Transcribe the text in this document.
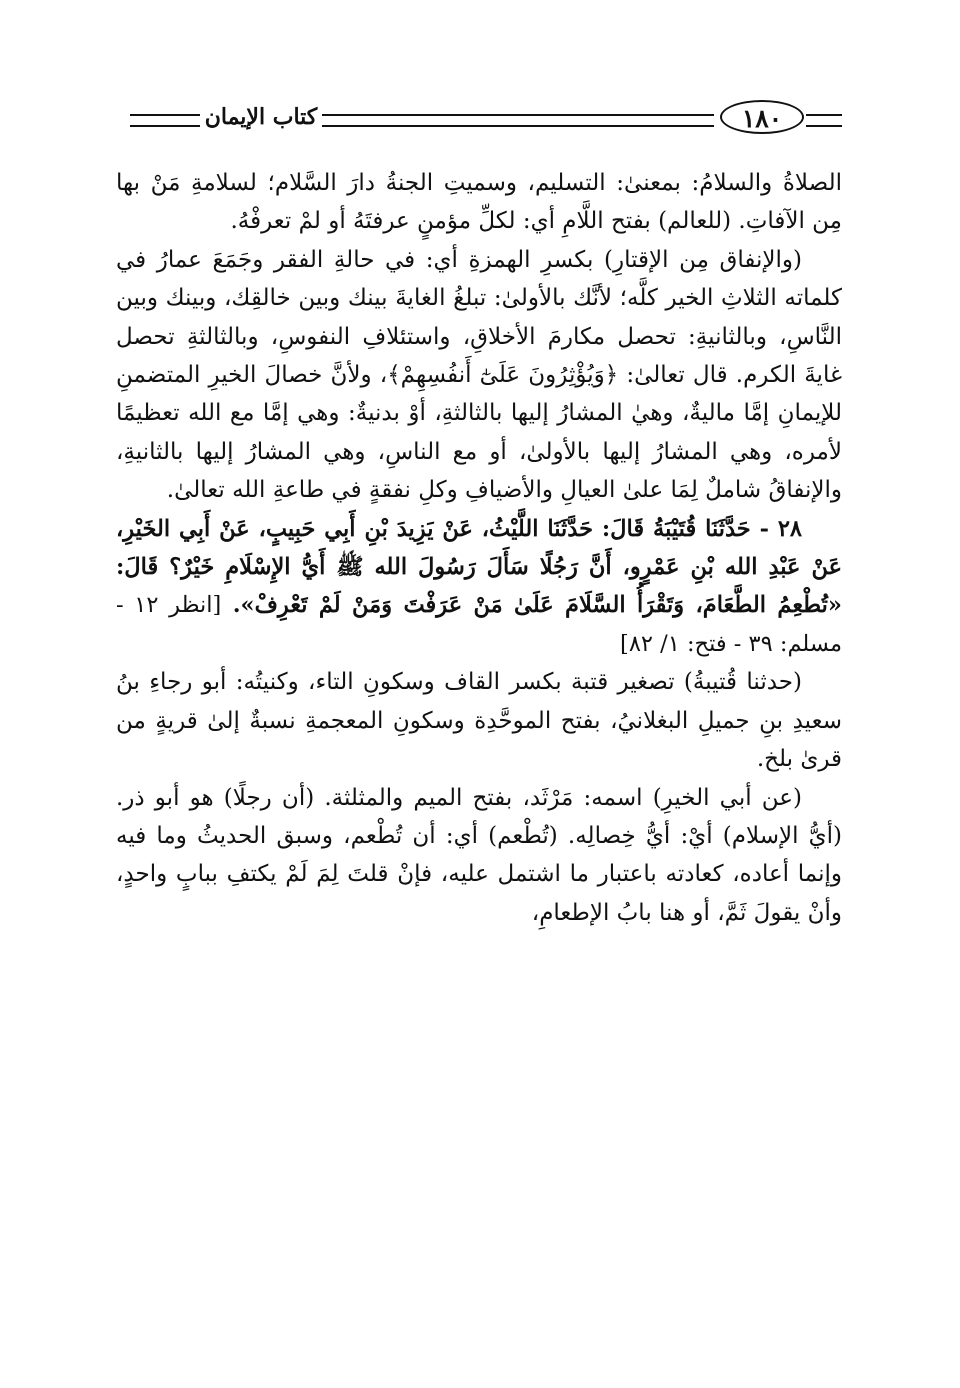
كتاب الإيمان	١٨٠

الصلاةُ والسلامُ: بمعنىٰ: التسليم، وسميتِ الجنةُ دارَ السَّلام؛ لسلامةِ مَنْ بها مِن الآفاتِ. (للعالم) بفتح اللَّامِ أي: لكلِّ مؤمنٍ عرفتَهُ أو لمْ تعرفْهُ.

(والإنفاق مِن الإقتارِ) بكسرِ الهمزةِ أي: في حالةِ الفقر وجَمَعَ عمارُ في كلماته الثلاثِ الخير كلَّه؛ لأنَّك بالأولىٰ: تبلغُ الغايةَ بينك وبين خالقِك، وبينك وبين النَّاسِ، وبالثانيةِ: تحصل مكارمَ الأخلاقِ، واستئلافِ النفوسِ، وبالثالثةِ تحصل غايةَ الكرم. قال تعالىٰ: ﴿وَيُؤْثِرُونَ عَلَىٰٓ أَنفُسِهِمْ﴾، ولأنَّ خصالَ الخيرِ المتضمنِ للإيمانِ إمَّا ماليةٌ، وهيٰ المشارُ إليها بالثالثةِ، أوْ بدنيةٌ: وهي إمَّا مع الله تعظيمًا لأمره، وهي المشارُ إليها بالأولىٰ، أو مع الناسِ، وهي المشارُ إليها بالثانيةِ، والإنفاقُ شاملٌ لِمَا علىٰ العيالِ والأضيافِ وكلِ نفقةٍ في طاعةِ الله تعالىٰ.

٢٨ - حَدَّثَنَا قُتَيْبَةُ قَالَ: حَدَّثَنَا اللَّيْثُ، عَنْ يَزِيدَ بْنِ أَبِي حَبِيبٍ، عَنْ أَبِي الخَيْرِ، عَنْ عَبْدِ الله بْنِ عَمْرٍو، أَنَّ رَجُلًا سَأَلَ رَسُولَ الله ﷺ أَيُّ الإِسْلَامِ خَيْرٌ؟ قَالَ: «تُطْعِمُ الطَّعَامَ، وَتَقْرَأُ السَّلَامَ عَلَىٰ مَنْ عَرَفْتَ وَمَنْ لَمْ تَعْرِفْ». [انظر ١٢ - مسلم: ٣٩ - فتح: ١/ ٨٢]

(حدثنا قُتيبةُ) تصغير قتبة بكسر القاف وسكونِ التاء، وكنيتُه: أبو رجاءِ بنُ سعيدِ بنِ جميلِ البغلانيُ، بفتح الموحَّدِة وسكونِ المعجمةِ نسبةٌ إلىٰ قريةٍ من قرىٰ بلخ.

(عن أبي الخيرِ) اسمه: مَرْثَد، بفتح الميم والمثلثة. (أن رجلًا) هو أبو ذر. (أيُّ الإسلام) أيْ: أيُّ خِصالِه. (تُطْعم) أي: أن تُطْعم، وسبق الحديثُ وما فيه وإنما أعاده، كعادته باعتبار ما اشتمل عليه، فإنْ قلتَ لِمَ لَمْ يكتفِ ببابٍ واحدٍ، وأنْ يقولَ ثَمَّ، أو هنا بابُ الإطعامِ،
